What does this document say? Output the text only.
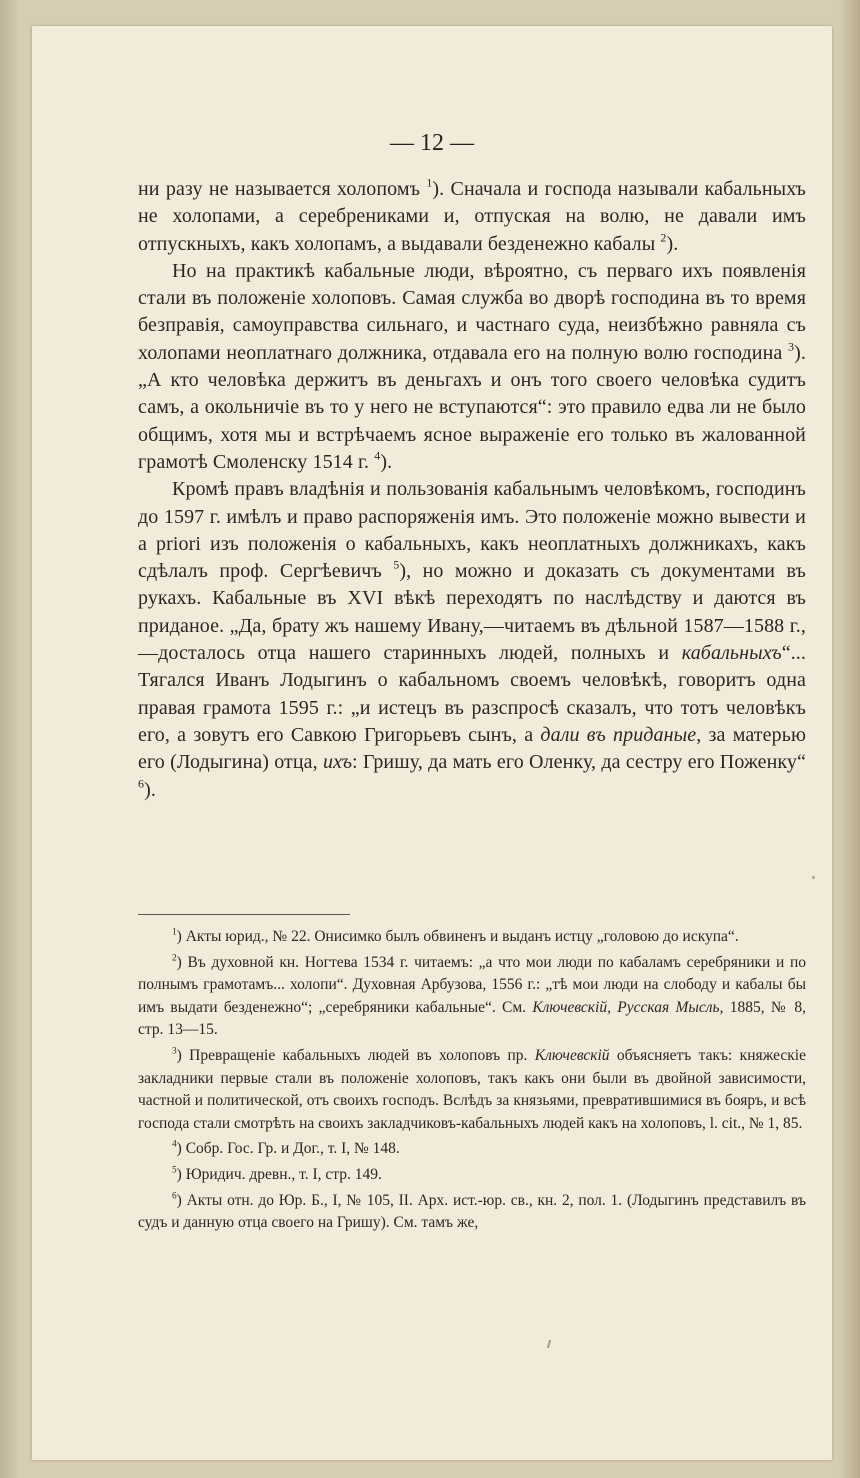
— 12 —

ни разу не называется холопомъ $^1$). Сначала и господа называли кабальныхъ не холопами, а серебрениками и, отпуская на волю, не давали имъ отпускныхъ, какъ холопамъ, а выдавали безденежно кабалы $^2$).

Но на практикѣ кабальные люди, вѣроятно, съ перваго ихъ появленія стали въ положеніе холоповъ. Самая служба во дворѣ господина въ то время безправія, самоуправства сильнаго, и частнаго суда, неизбѣжно равняла съ холопами неоплатнаго должника, отдавала его на полную волю господина $^3$). „А кто человѣка держитъ въ деньгахъ и онъ того своего человѣка судитъ самъ, а окольничіе въ то у него не вступаются“: это правило едва ли не было общимъ, хотя мы и встрѣчаемъ ясное выраженіе его только въ жалованной грамотѣ Смоленску 1514 г. $^4$).

Кромѣ правъ владѣнія и пользованія кабальнымъ человѣкомъ, господинъ до 1597 г. имѣлъ и право распоряженія имъ. Это положеніе можно вывести и a priori изъ положенія о кабальныхъ, какъ неоплатныхъ должникахъ, какъ сдѣлалъ проф. Сергѣевичъ $^5$), но можно и доказать съ документами въ рукахъ. Кабальные въ XVI вѣкѣ переходятъ по наслѣдству и даются въ приданое. „Да, брату жъ нашему Ивану,—читаемъ въ дѣльной 1587—1588 г.,—досталось отца нашего старинныхъ людей, полныхъ и кабальныхъ“... Тягался Иванъ Лодыгинъ о кабальномъ своемъ человѣкѣ, говоритъ одна правая грамота 1595 г.: „и истецъ въ разспросѣ сказалъ, что тотъ человѣкъ его, а зовутъ его Савкою Григорьевъ сынъ, а дали въ приданые, за матерью его (Лодыгина) отца, ихъ: Гришу, да мать его Оленку, да сестру его Поженку“ $^6$).

$^1$) Акты юрид., № 22. Онисимко былъ обвиненъ и выданъ истцу „головою до искупа“.

$^2$) Въ духовной кн. Ногтева 1534 г. читаемъ: „а что мои люди по кабаламъ серебряники и по полнымъ грамотамъ... холопи“. Духовная Арбузова, 1556 г.: „тѣ мои люди на слободу и кабалы бы имъ выдати безденежно“; „серебряники кабальные“. См. Ключевскій, Русская Мысль, 1885, № 8, стр. 13—15.

$^3$) Превращеніе кабальныхъ людей въ холоповъ пр. Ключевскій объясняетъ такъ: княжескіе закладники первые стали въ положеніе холоповъ, такъ какъ они были въ двойной зависимости, частной и политической, отъ своихъ господъ. Вслѣдъ за князьями, превратившимися въ бояръ, и всѣ господа стали смотрѣть на своихъ закладчиковъ-кабальныхъ людей какъ на холоповъ, l. cit., № 1, 85.

$^4$) Собр. Гос. Гр. и Дог., т. I, № 148.

$^5$) Юридич. древн., т. I, стр. 149.

$^6$) Акты отн. до Юр. Б., I, № 105, II. Арх. ист.-юр. св., кн. 2, пол. 1. (Лодыгинъ представилъ въ судъ и данную отца своего на Гришу). См. тамъ же,
